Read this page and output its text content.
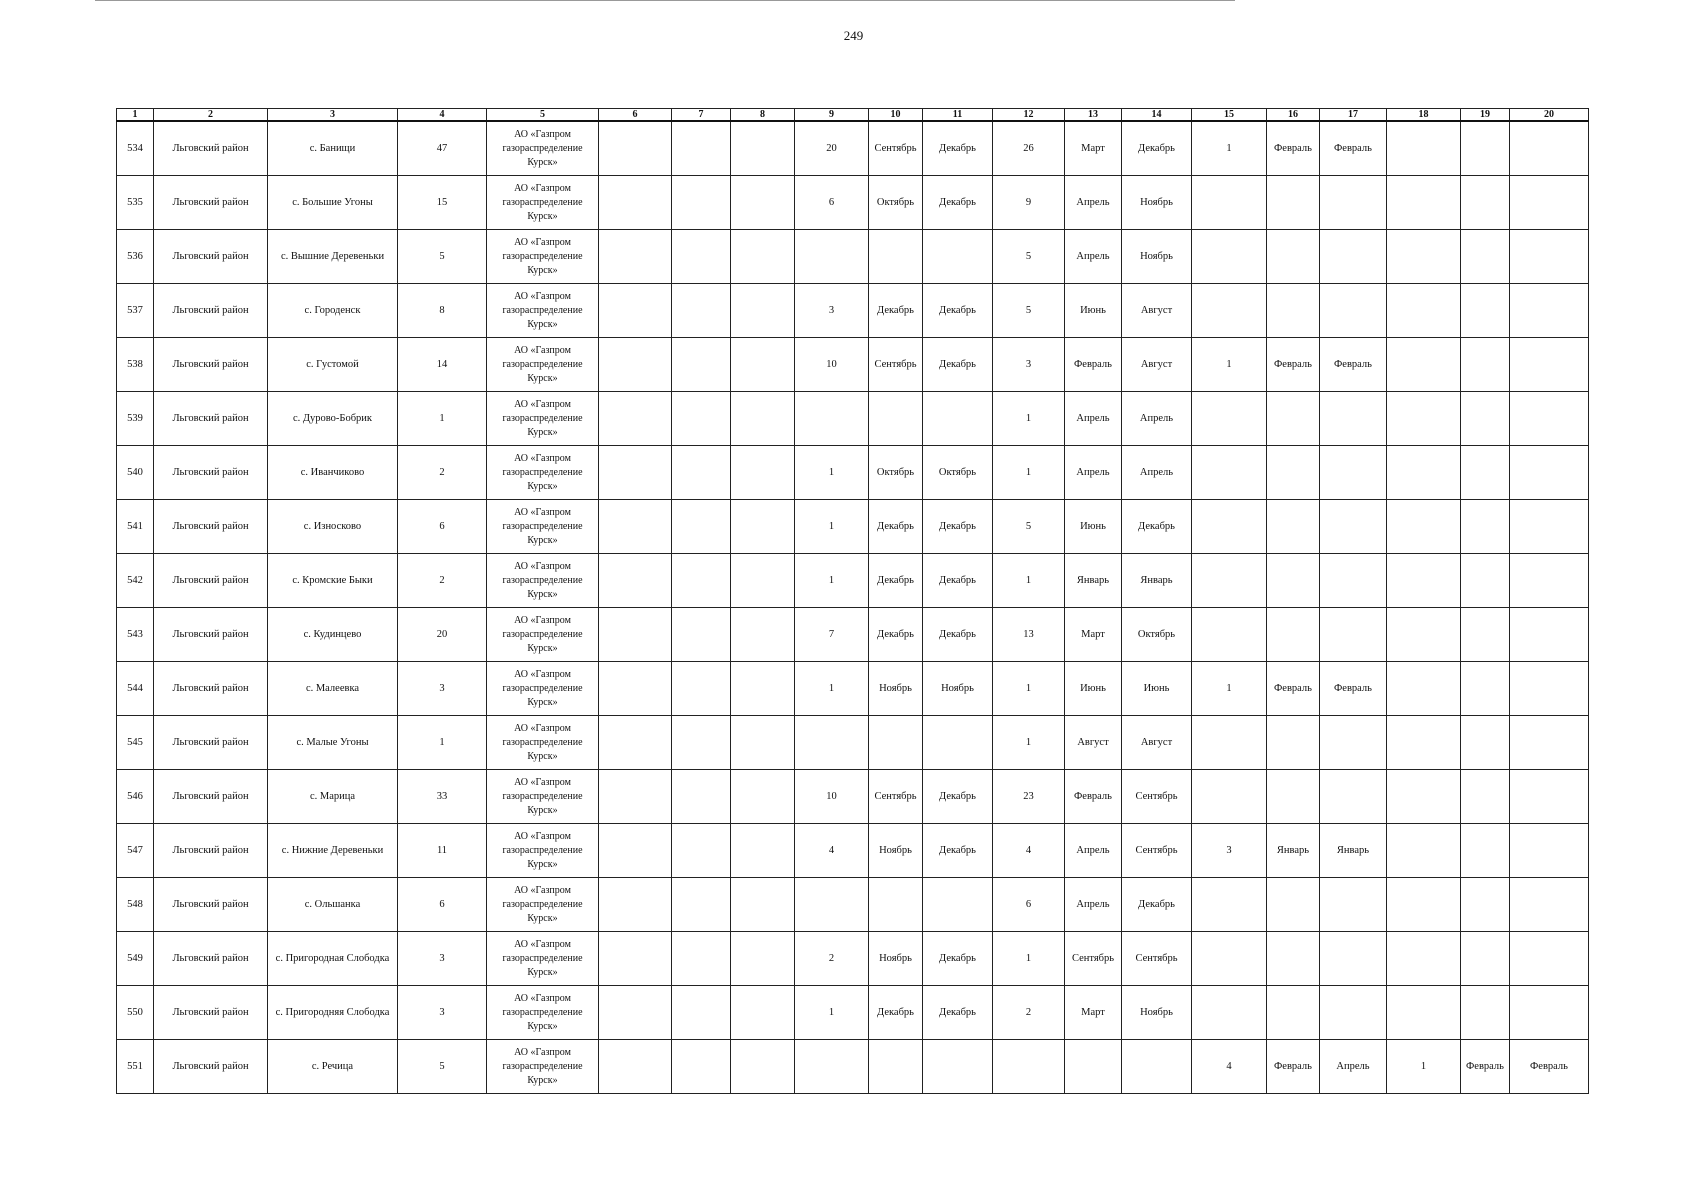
249
1	2	3	4	5	6	7	8	9	10	11	12	13	14	15	16	17	18	19	20
534	Льговский район	с. Банищи	47	АО «Газпром газораспределение Курск»				20	Сентябрь	Декабрь	26	Март	Декабрь	1	Февраль	Февраль			
535	Льговский район	с. Большие Угоны	15	АО «Газпром газораспределение Курск»				6	Октябрь	Декабрь	9	Апрель	Ноябрь						
536	Льговский район	с. Вышние Деревеньки	5	АО «Газпром газораспределение Курск»							5	Апрель	Ноябрь						
537	Льговский район	с. Городенск	8	АО «Газпром газораспределение Курск»				3	Декабрь	Декабрь	5	Июнь	Август						
538	Льговский район	с. Густомой	14	АО «Газпром газораспределение Курск»				10	Сентябрь	Декабрь	3	Февраль	Август	1	Февраль	Февраль			
539	Льговский район	с. Дурово-Бобрик	1	АО «Газпром газораспределение Курск»							1	Апрель	Апрель						
540	Льговский район	с. Иванчиково	2	АО «Газпром газораспределение Курск»				1	Октябрь	Октябрь	1	Апрель	Апрель						
541	Льговский район	с. Износково	6	АО «Газпром газораспределение Курск»				1	Декабрь	Декабрь	5	Июнь	Декабрь						
542	Льговский район	с. Кромские Быки	2	АО «Газпром газораспределение Курск»				1	Декабрь	Декабрь	1	Январь	Январь						
543	Льговский район	с. Кудинцево	20	АО «Газпром газораспределение Курск»				7	Декабрь	Декабрь	13	Март	Октябрь						
544	Льговский район	с. Малеевка	3	АО «Газпром газораспределение Курск»				1	Ноябрь	Ноябрь	1	Июнь	Июнь	1	Февраль	Февраль			
545	Льговский район	с. Малые Угоны	1	АО «Газпром газораспределение Курск»							1	Август	Август						
546	Льговский район	с. Марица	33	АО «Газпром газораспределение Курск»				10	Сентябрь	Декабрь	23	Февраль	Сентябрь						
547	Льговский район	с. Нижние Деревеньки	11	АО «Газпром газораспределение Курск»				4	Ноябрь	Декабрь	4	Апрель	Сентябрь	3	Январь	Январь			
548	Льговский район	с. Ольшанка	6	АО «Газпром газораспределение Курск»							6	Апрель	Декабрь						
549	Льговский район	с. Пригородная Слободка	3	АО «Газпром газораспределение Курск»				2	Ноябрь	Декабрь	1	Сентябрь	Сентябрь						
550	Льговский район	с. Пригородняя Слободка	3	АО «Газпром газораспределение Курск»				1	Декабрь	Декабрь	2	Март	Ноябрь						
551	Льговский район	с. Речица	5	АО «Газпром газораспределение Курск»										4	Февраль	Апрель	1	Февраль	Февраль
